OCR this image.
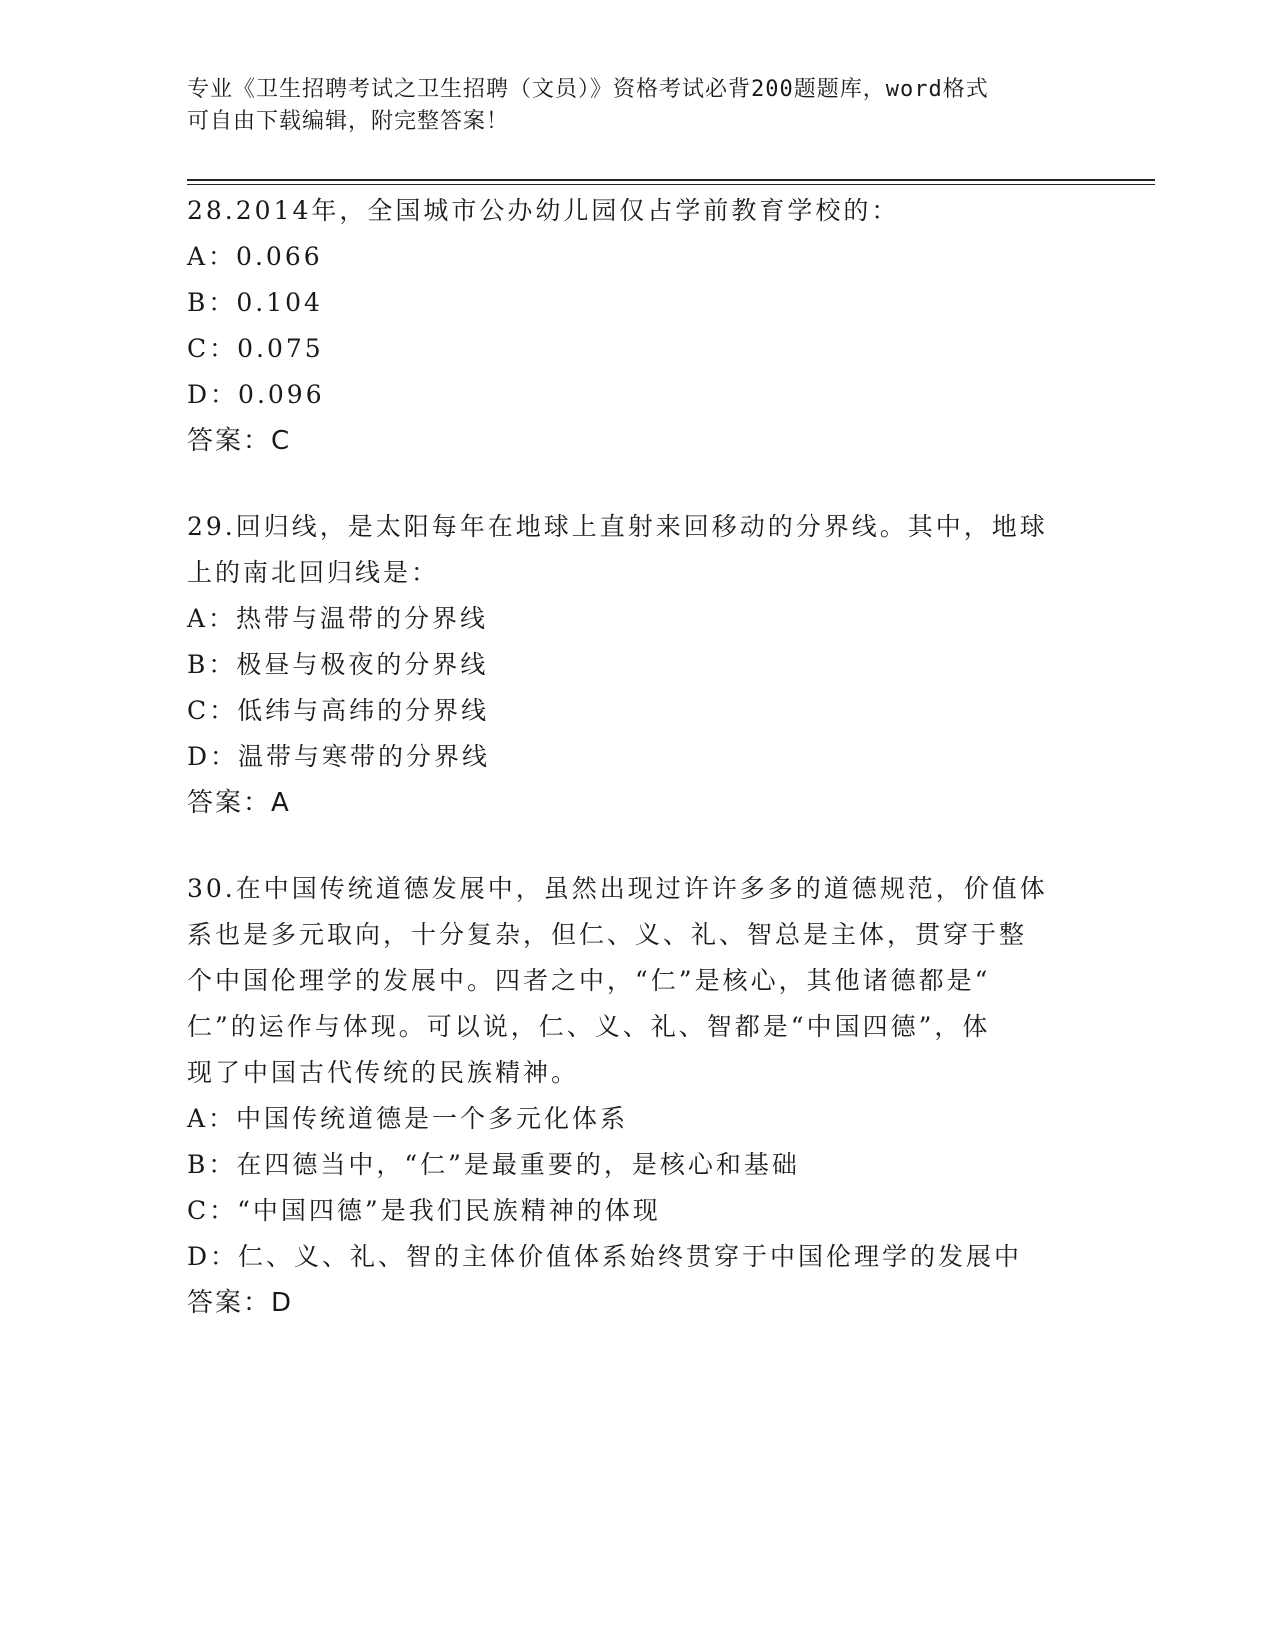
专业《卫生招聘考试之卫生招聘（文员）》资格考试必背200题题库，word格式
可自由下载编辑，附完整答案！
28.2014年，全国城市公办幼儿园仅占学前教育学校的：
A：0.066
B：0.104
C：0.075
D：0.096
答案：C
29.回归线，是太阳每年在地球上直射来回移动的分界线。其中，地球
上的南北回归线是：
A：热带与温带的分界线
B：极昼与极夜的分界线
C：低纬与高纬的分界线
D：温带与寒带的分界线
答案：A
30.在中国传统道德发展中，虽然出现过许许多多的道德规范，价值体
系也是多元取向，十分复杂，但仁、义、礼、智总是主体，贯穿于整
个中国伦理学的发展中。四者之中，“仁”是核心，其他诸德都是“
仁”的运作与体现。可以说，仁、义、礼、智都是“中国四德”，体
现了中国古代传统的民族精神。
A：中国传统道德是一个多元化体系
B：在四德当中，“仁”是最重要的，是核心和基础
C：“中国四德”是我们民族精神的体现
D：仁、义、礼、智的主体价值体系始终贯穿于中国伦理学的发展中
答案：D
